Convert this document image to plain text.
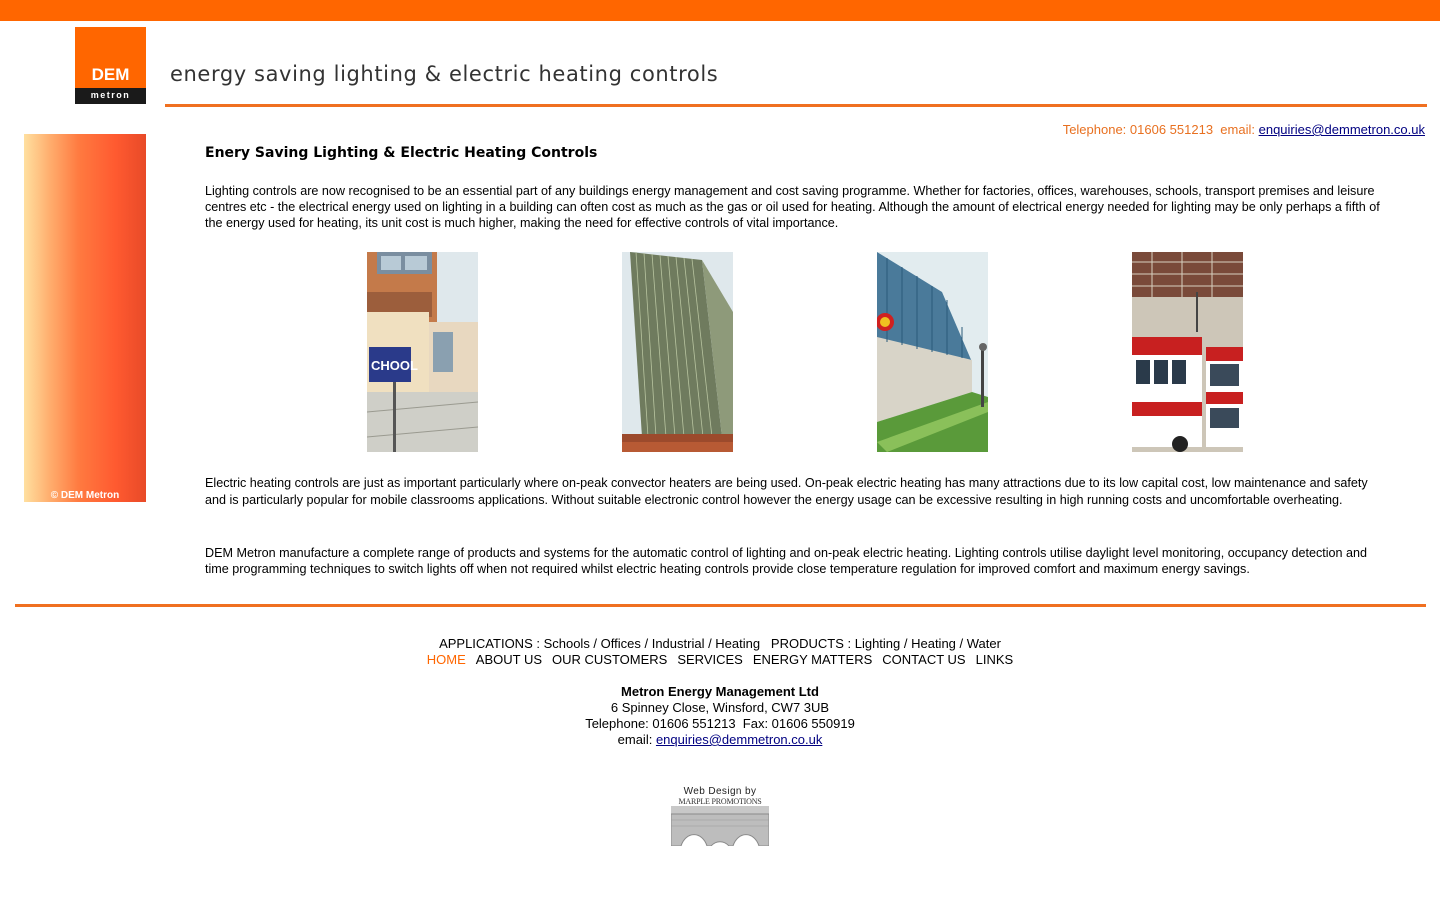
DEM
metron
energy saving lighting & electric heating controls
© DEM Metron
Telephone: 01606 551213 email: enquiries@demmetron.co.uk
Enery Saving Lighting & Electric Heating Controls

Lighting controls are now recognised to be an essential part of any buildings energy management and cost saving programme. Whether for factories, offices, warehouses, schools, transport premises and leisure centres etc - the electrical energy used on lighting in a building can often cost as much as the gas or oil used for heating. Although the amount of electrical energy needed for lighting may be only perhaps a fifth of the energy used for heating, its unit cost is much higher, making the need for effective controls of vital importance.

CHOOL

Electric heating controls are just as important particularly where on-peak convector heaters are being used. On-peak electric heating has many attractions due to its low capital cost, low maintenance and safety and is particularly popular for mobile classrooms applications. Without suitable electronic control however the energy usage can be excessive resulting in high running costs and uncomfortable overheating.

DEM Metron manufacture a complete range of products and systems for the automatic control of lighting and on-peak electric heating. Lighting controls utilise daylight level monitoring, occupancy detection and time programming techniques to switch lights off when not required whilst electric heating controls provide close temperature regulation for improved comfort and maximum energy savings.

APPLICATIONS : Schools / Offices / Industrial / Heating   PRODUCTS : Lighting / Heating / Water
HOME ABOUT US OUR CUSTOMERS SERVICES ENERGY MATTERS CONTACT US LINKS
Metron Energy Management Ltd
6 Spinney Close, Winsford, CW7 3UB
Telephone: 01606 551213  Fax: 01606 550919
email: enquiries@demmetron.co.uk
Web Design by
MARPLE PROMOTIONS
